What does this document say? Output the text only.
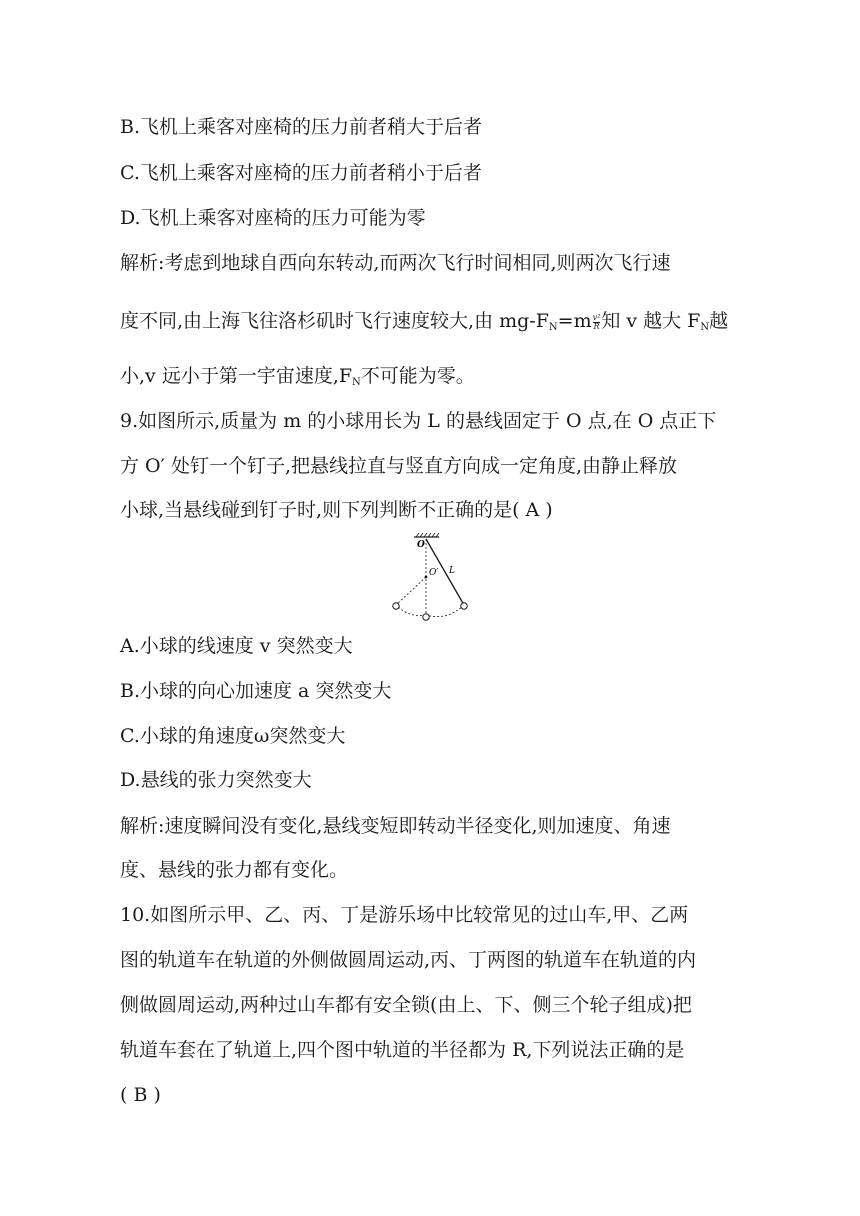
B.飞机上乘客对座椅的压力前者稍大于后者
C.飞机上乘客对座椅的压力前者稍小于后者
D.飞机上乘客对座椅的压力可能为零
解析:考虑到地球自西向东转动,而两次飞行时间相同,则两次飞行速
度不同,由上海飞往洛杉矶时飞行速度较大,由 $mg-F_N=m \frac{\text{v²}}{R}$ 知 v 越大 $F_N$越
小,v 远小于第一宇宙速度$,F_N$不可能为零。
9.如图所示,质量为 m 的小球用长为 L 的悬线固定于 O 点,在 O 点正下
方 O′ 处钉一个钉子,把悬线拉直与竖直方向成一定角度,由静止释放
小球,当悬线碰到钉子时,则下列判断不正确的是( A )
O
O′ L
A.小球的线速度 v 突然变大
B.小球的向心加速度 a 突然变大
C.小球的角速度ω突然变大
D.悬线的张力突然变大
解析:速度瞬间没有变化,悬线变短即转动半径变化,则加速度、角速
度、悬线的张力都有变化。
10.如图所示甲、乙、丙、丁是游乐场中比较常见的过山车,甲、乙两
图的轨道车在轨道的外侧做圆周运动,丙、丁两图的轨道车在轨道的内
侧做圆周运动,两种过山车都有安全锁(由上、下、侧三个轮子组成)把
轨道车套在了轨道上,四个图中轨道的半径都为 R,下列说法正确的是
( B )
